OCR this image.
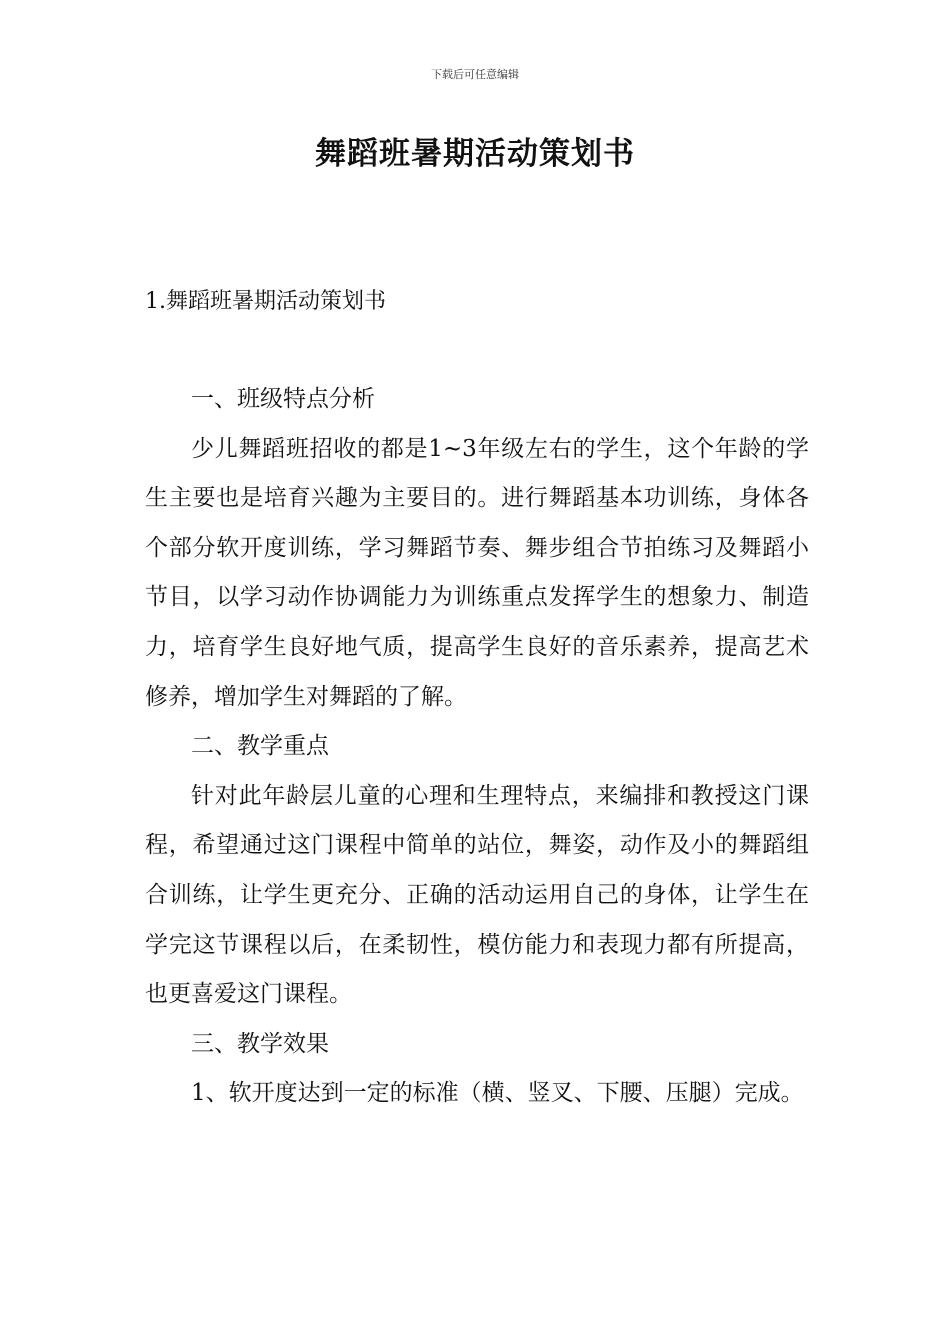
下载后可任意编辑
舞蹈班暑期活动策划书
1.舞蹈班暑期活动策划书

一、班级特点分析

少儿舞蹈班招收的都是1~3年级左右的学生，这个年龄的学生主要也是培育兴趣为主要目的。进行舞蹈基本功训练，身体各个部分软开度训练，学习舞蹈节奏、舞步组合节拍练习及舞蹈小节目，以学习动作协调能力为训练重点发挥学生的想象力、制造力，培育学生良好地气质，提高学生良好的音乐素养，提高艺术修养，增加学生对舞蹈的了解。

二、教学重点

针对此年龄层儿童的心理和生理特点，来编排和教授这门课程，希望通过这门课程中简单的站位，舞姿，动作及小的舞蹈组合训练，让学生更充分、正确的活动运用自己的身体，让学生在学完这节课程以后，在柔韧性，模仿能力和表现力都有所提高，也更喜爱这门课程。

三、教学效果

1、软开度达到一定的标准（横、竖叉、下腰、压腿）完成。
